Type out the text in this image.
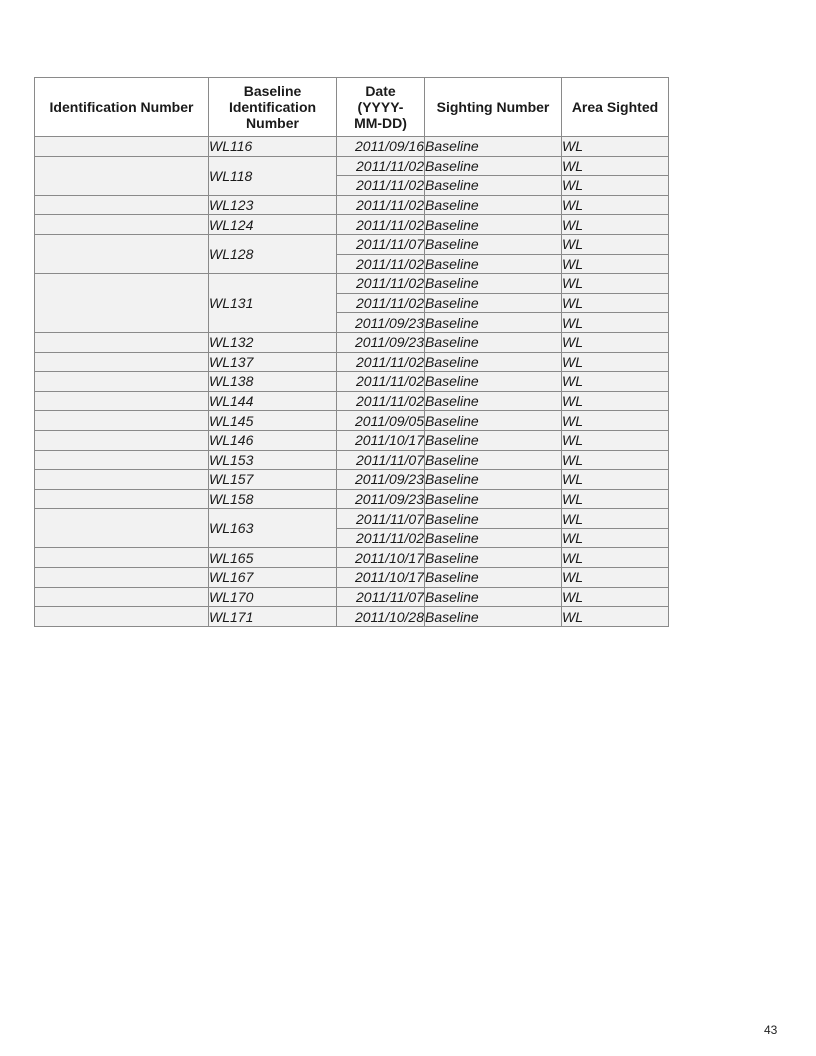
Identification Number	Baseline Identification Number	Date (YYYY-MM-DD)	Sighting Number	Area Sighted
	WL116	2011/09/16	Baseline	WL
	WL118	2011/11/02	Baseline	WL
		2011/11/02	Baseline	WL
	WL123	2011/11/02	Baseline	WL
	WL124	2011/11/02	Baseline	WL
	WL128	2011/11/07	Baseline	WL
		2011/11/02	Baseline	WL
	WL131	2011/11/02	Baseline	WL
		2011/11/02	Baseline	WL
		2011/09/23	Baseline	WL
	WL132	2011/09/23	Baseline	WL
	WL137	2011/11/02	Baseline	WL
	WL138	2011/11/02	Baseline	WL
	WL144	2011/11/02	Baseline	WL
	WL145	2011/09/05	Baseline	WL
	WL146	2011/10/17	Baseline	WL
	WL153	2011/11/07	Baseline	WL
	WL157	2011/09/23	Baseline	WL
	WL158	2011/09/23	Baseline	WL
	WL163	2011/11/07	Baseline	WL
		2011/11/02	Baseline	WL
	WL165	2011/10/17	Baseline	WL
	WL167	2011/10/17	Baseline	WL
	WL170	2011/11/07	Baseline	WL
	WL171	2011/10/28	Baseline	WL
43
